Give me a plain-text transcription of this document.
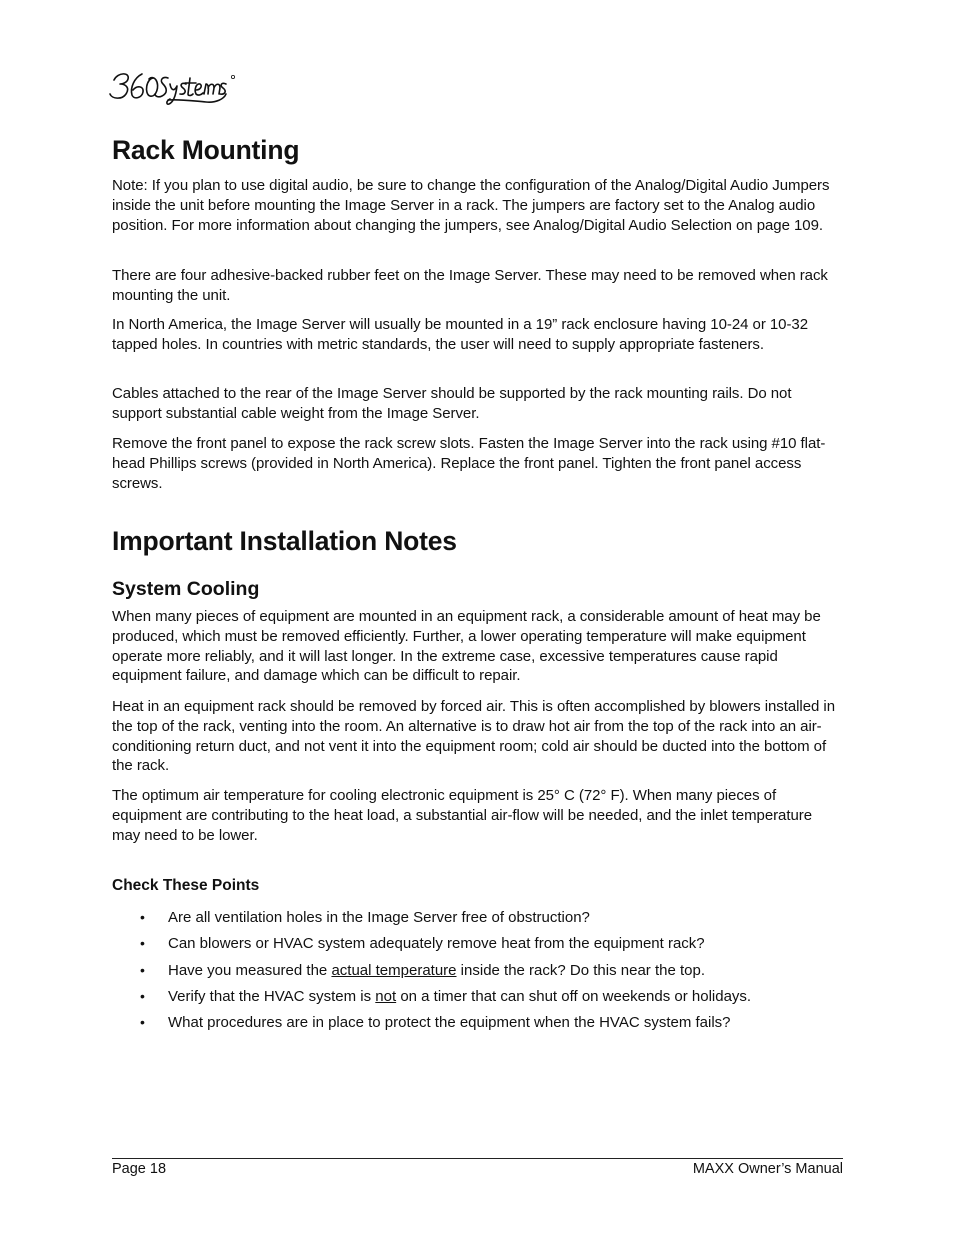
Rack Mounting

Note: If you plan to use digital audio, be sure to change the configuration of the Analog/Digital Audio Jumpers inside the unit before mounting the Image Server in a rack. The jumpers are factory set to the Analog audio position. For more information about changing the jumpers, see Analog/Digital Audio Selection on page 109.

There are four adhesive-backed rubber feet on the Image Server. These may need to be removed when rack mounting the unit.

In North America, the Image Server will usually be mounted in a 19” rack enclosure having 10-24 or 10-32 tapped holes. In countries with metric standards, the user will need to supply appropriate fasteners.

Cables attached to the rear of the Image Server should be supported by the rack mounting rails. Do not support substantial cable weight from the Image Server.

Remove the front panel to expose the rack screw slots. Fasten the Image Server into the rack using #10 flat-head Phillips screws (provided in North America). Replace the front panel. Tighten the front panel access screws.

Important Installation Notes
System Cooling

When many pieces of equipment are mounted in an equipment rack, a considerable amount of heat may be produced, which must be removed efficiently. Further, a lower operating temperature will make equipment operate more reliably, and it will last longer. In the extreme case, excessive temperatures cause rapid equipment failure, and damage which can be difficult to repair.

Heat in an equipment rack should be removed by forced air. This is often accomplished by blowers installed in the top of the rack, venting into the room. An alternative is to draw hot air from the top of the rack into an air-conditioning return duct, and not vent it into the equipment room; cold air should be ducted into the bottom of the rack.

The optimum air temperature for cooling electronic equipment is 25° C (72° F). When many pieces of equipment are contributing to the heat load, a substantial air-flow will be needed, and the inlet temperature may need to be lower.

Check These Points
• Are all ventilation holes in the Image Server free of obstruction?
• Can blowers or HVAC system adequately remove heat from the equipment rack?
• Have you measured the actual temperature inside the rack? Do this near the top.
• Verify that the HVAC system is not on a timer that can shut off on weekends or holidays.
• What procedures are in place to protect the equipment when the HVAC system fails?
Page 18	MAXX Owner’s Manual
